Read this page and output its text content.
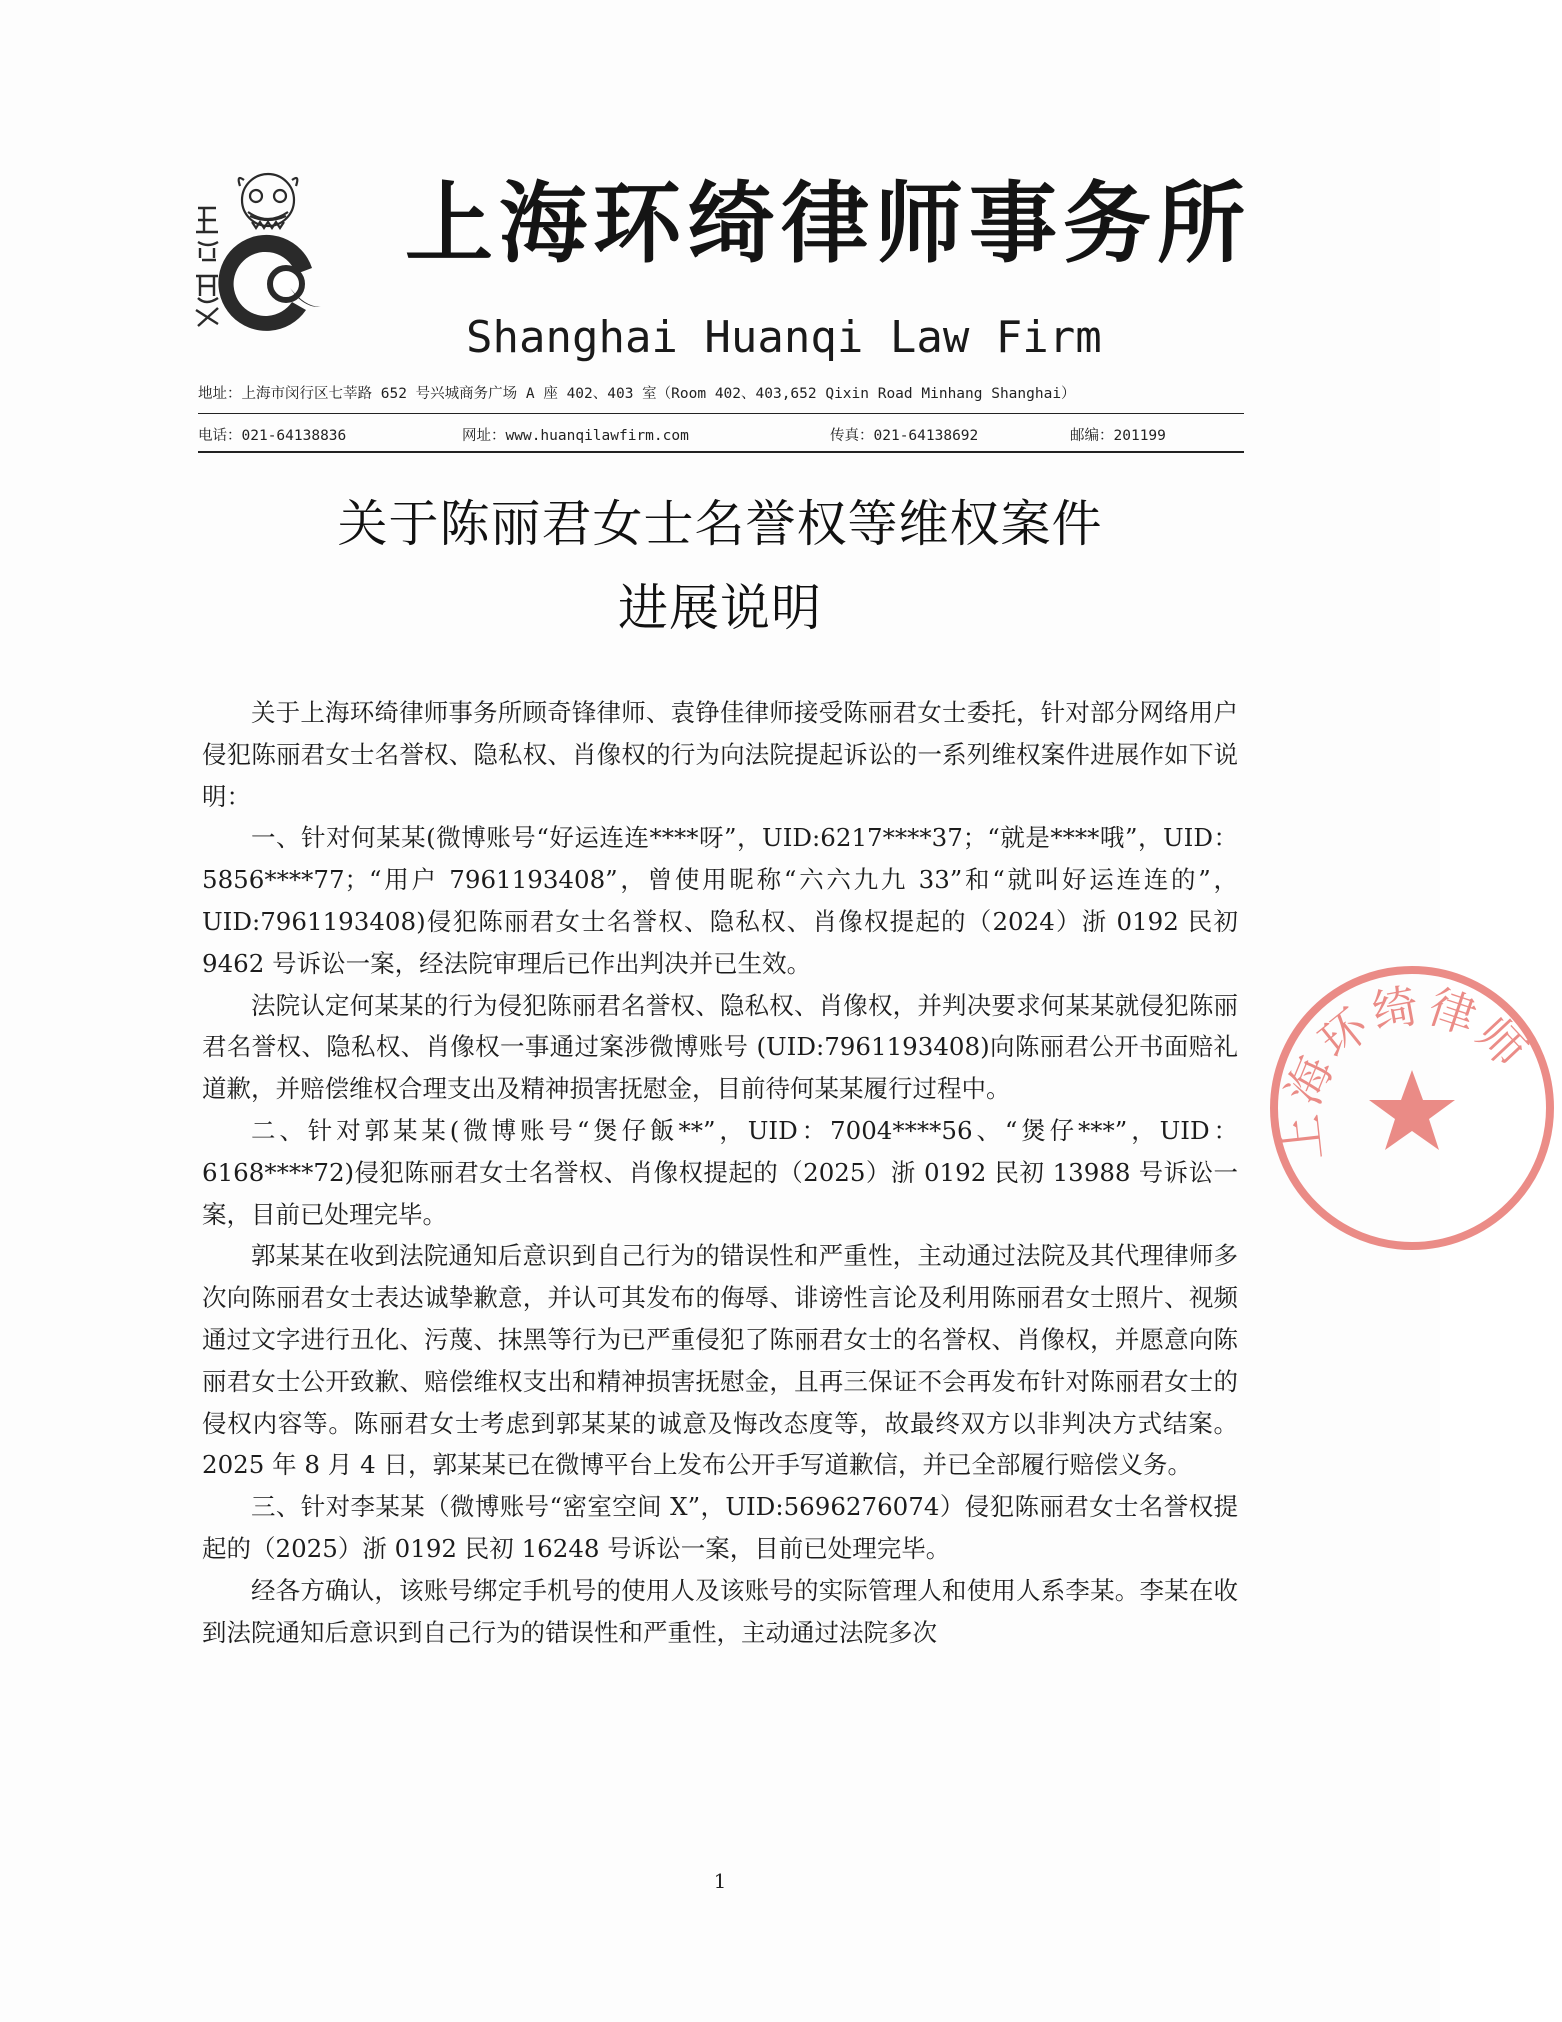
上海环绮律师事务所
Shanghai Huanqi Law Firm
地址：上海市闵行区七莘路 652 号兴城商务广场 A 座 402、403 室（Room 402、403,652 Qixin Road Minhang Shanghai）
电话：021-64138836	网址：www.huanqilawfirm.com	传真：021-64138692	邮编：201199
关于陈丽君女士名誉权等维权案件
进展说明

关于上海环绮律师事务所顾奇锋律师、袁铮佳律师接受陈丽君女士委托，针对部分网络用户侵犯陈丽君女士名誉权、隐私权、肖像权的行为向法院提起诉讼的一系列维权案件进展作如下说明：

一、针对何某某(微博账号“好运连连****呀”，UID:6217****37；“就是****哦”，UID：5856****77；“用户 7961193408”，曾使用昵称“六六九九 33”和“就叫好运连连的”，UID:7961193408)侵犯陈丽君女士名誉权、隐私权、肖像权提起的（2024）浙 0192 民初 9462 号诉讼一案，经法院审理后已作出判决并已生效。

法院认定何某某的行为侵犯陈丽君名誉权、隐私权、肖像权，并判决要求何某某就侵犯陈丽君名誉权、隐私权、肖像权一事通过案涉微博账号 (UID:7961193408)向陈丽君公开书面赔礼道歉，并赔偿维权合理支出及精神损害抚慰金，目前待何某某履行过程中。

二、针对郭某某(微博账号“煲仔飯**”，UID：7004****56、“煲仔***”，UID：6168****72)侵犯陈丽君女士名誉权、肖像权提起的（2025）浙 0192 民初 13988 号诉讼一案，目前已处理完毕。

郭某某在收到法院通知后意识到自己行为的错误性和严重性，主动通过法院及其代理律师多次向陈丽君女士表达诚挚歉意，并认可其发布的侮辱、诽谤性言论及利用陈丽君女士照片、视频通过文字进行丑化、污蔑、抹黑等行为已严重侵犯了陈丽君女士的名誉权、肖像权，并愿意向陈丽君女士公开致歉、赔偿维权支出和精神损害抚慰金，且再三保证不会再发布针对陈丽君女士的侵权内容等。陈丽君女士考虑到郭某某的诚意及悔改态度等，故最终双方以非判决方式结案。2025 年 8 月 4 日，郭某某已在微博平台上发布公开手写道歉信，并已全部履行赔偿义务。

三、针对李某某（微博账号“密室空间 X”，UID:5696276074）侵犯陈丽君女士名誉权提起的（2025）浙 0192 民初 16248 号诉讼一案，目前已处理完毕。

经各方确认，该账号绑定手机号的使用人及该账号的实际管理人和使用人系李某。李某在收到法院通知后意识到自己行为的错误性和严重性，主动通过法院多次

1
上海环绮律师
